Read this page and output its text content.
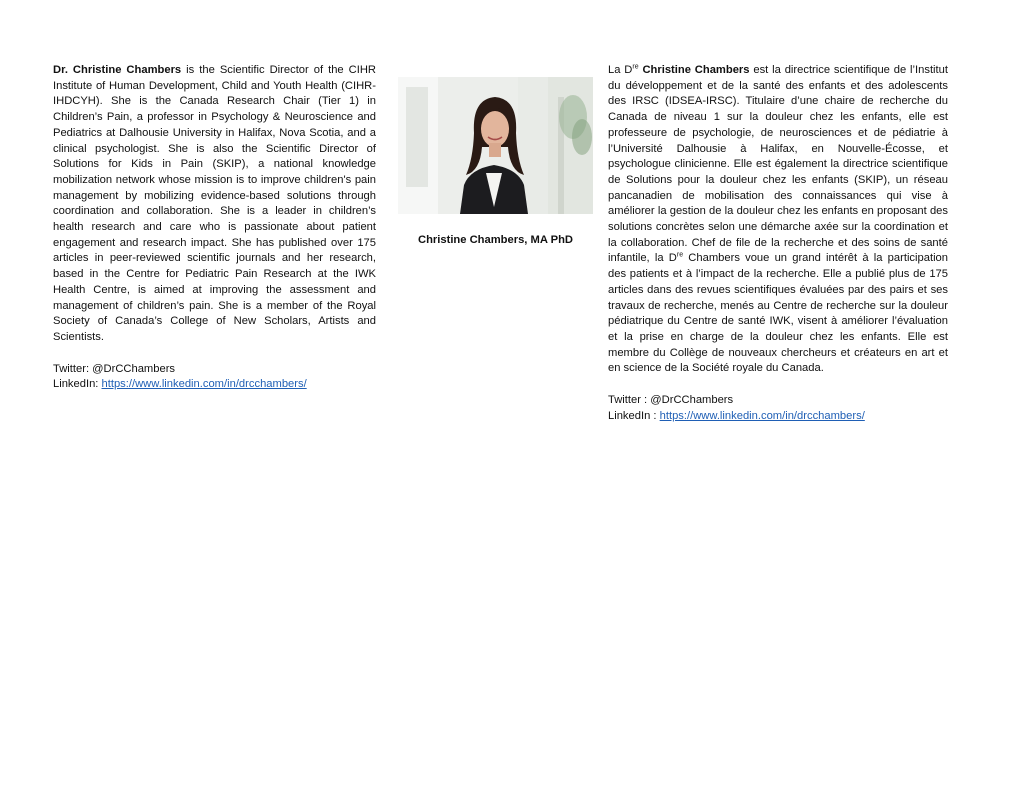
Dr. Christine Chambers is the Scientific Director of the CIHR Institute of Human Development, Child and Youth Health (CIHR-IHDCYH). She is the Canada Research Chair (Tier 1) in Children’s Pain, a professor in Psychology & Neuroscience and Pediatrics at Dalhousie University in Halifax, Nova Scotia, and a clinical psychologist. She is also the Scientific Director of Solutions for Kids in Pain (SKIP), a national knowledge mobilization network whose mission is to improve children's pain management by mobilizing evidence-based solutions through coordination and collaboration. She is a leader in children’s health research and care who is passionate about patient engagement and research impact. She has published over 175 articles in peer-reviewed scientific journals and her research, based in the Centre for Pediatric Pain Research at the IWK Health Centre, is aimed at improving the assessment and management of children’s pain. She is a member of the Royal Society of Canada’s College of New Scholars, Artists and Scientists.

Twitter: @DrCChambers

LinkedIn: https://www.linkedin.com/in/drcchambers/

Christine Chambers, MA PhD

La Dre Christine Chambers est la directrice scientifique de l’Institut du développement et de la santé des enfants et des adolescents des IRSC (IDSEA-IRSC). Titulaire d’une chaire de recherche du Canada de niveau 1 sur la douleur chez les enfants, elle est professeure de psychologie, de neurosciences et de pédiatrie à l’Université Dalhousie à Halifax, en Nouvelle-Écosse, et psychologue clinicienne. Elle est également la directrice scientifique de Solutions pour la douleur chez les enfants (SKIP), un réseau pancanadien de mobilisation des connaissances qui vise à améliorer la gestion de la douleur chez les enfants en proposant des solutions concrètes selon une démarche axée sur la coordination et la collaboration. Chef de file de la recherche et des soins de santé infantile, la Dre Chambers voue un grand intérêt à la participation des patients et à l’impact de la recherche. Elle a publié plus de 175 articles dans des revues scientifiques évaluées par des pairs et ses travaux de recherche, menés au Centre de recherche sur la douleur pédiatrique du Centre de santé IWK, visent à améliorer l’évaluation et la prise en charge de la douleur chez les enfants. Elle est membre du Collège de nouveaux chercheurs et créateurs en art et en science de la Société royale du Canada.

Twitter : @DrCChambers

LinkedIn : https://www.linkedin.com/in/drcchambers/
